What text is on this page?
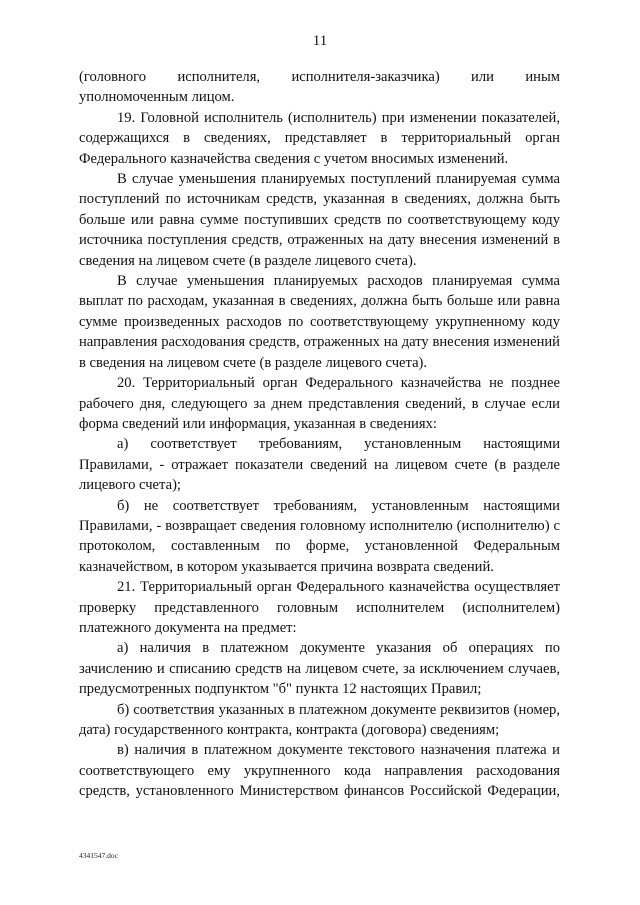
11

(головного исполнителя, исполнителя-заказчика) или иным уполномоченным лицом.

19. Головной исполнитель (исполнитель) при изменении показателей, содержащихся в сведениях, представляет в территориальный орган Федерального казначейства сведения с учетом вносимых изменений.

В случае уменьшения планируемых поступлений планируемая сумма поступлений по источникам средств, указанная в сведениях, должна быть больше или равна сумме поступивших средств по соответствующему коду источника поступления средств, отраженных на дату внесения изменений в сведения на лицевом счете (в разделе лицевого счета).

В случае уменьшения планируемых расходов планируемая сумма выплат по расходам, указанная в сведениях, должна быть больше или равна сумме произведенных расходов по соответствующему укрупненному коду направления расходования средств, отраженных на дату внесения изменений в сведения на лицевом счете (в разделе лицевого счета).

20. Территориальный орган Федерального казначейства не позднее рабочего дня, следующего за днем представления сведений, в случае если форма сведений или информация, указанная в сведениях:

а) соответствует требованиям, установленным настоящими Правилами, - отражает показатели сведений на лицевом счете (в разделе лицевого счета);

б) не соответствует требованиям, установленным настоящими Правилами, - возвращает сведения головному исполнителю (исполнителю) с протоколом, составленным по форме, установленной Федеральным казначейством, в котором указывается причина возврата сведений.

21. Территориальный орган Федерального казначейства осуществляет проверку представленного головным исполнителем (исполнителем) платежного документа на предмет:

а) наличия в платежном документе указания об операциях по зачислению и списанию средств на лицевом счете, за исключением случаев, предусмотренных подпунктом "б" пункта 12 настоящих Правил;

б) соответствия указанных в платежном документе реквизитов (номер, дата) государственного контракта, контракта (договора) сведениям;

в) наличия в платежном документе текстового назначения платежа и соответствующего ему укрупненного кода направления расходования средств, установленного Министерством финансов Российской Федерации,

4341547.doc
